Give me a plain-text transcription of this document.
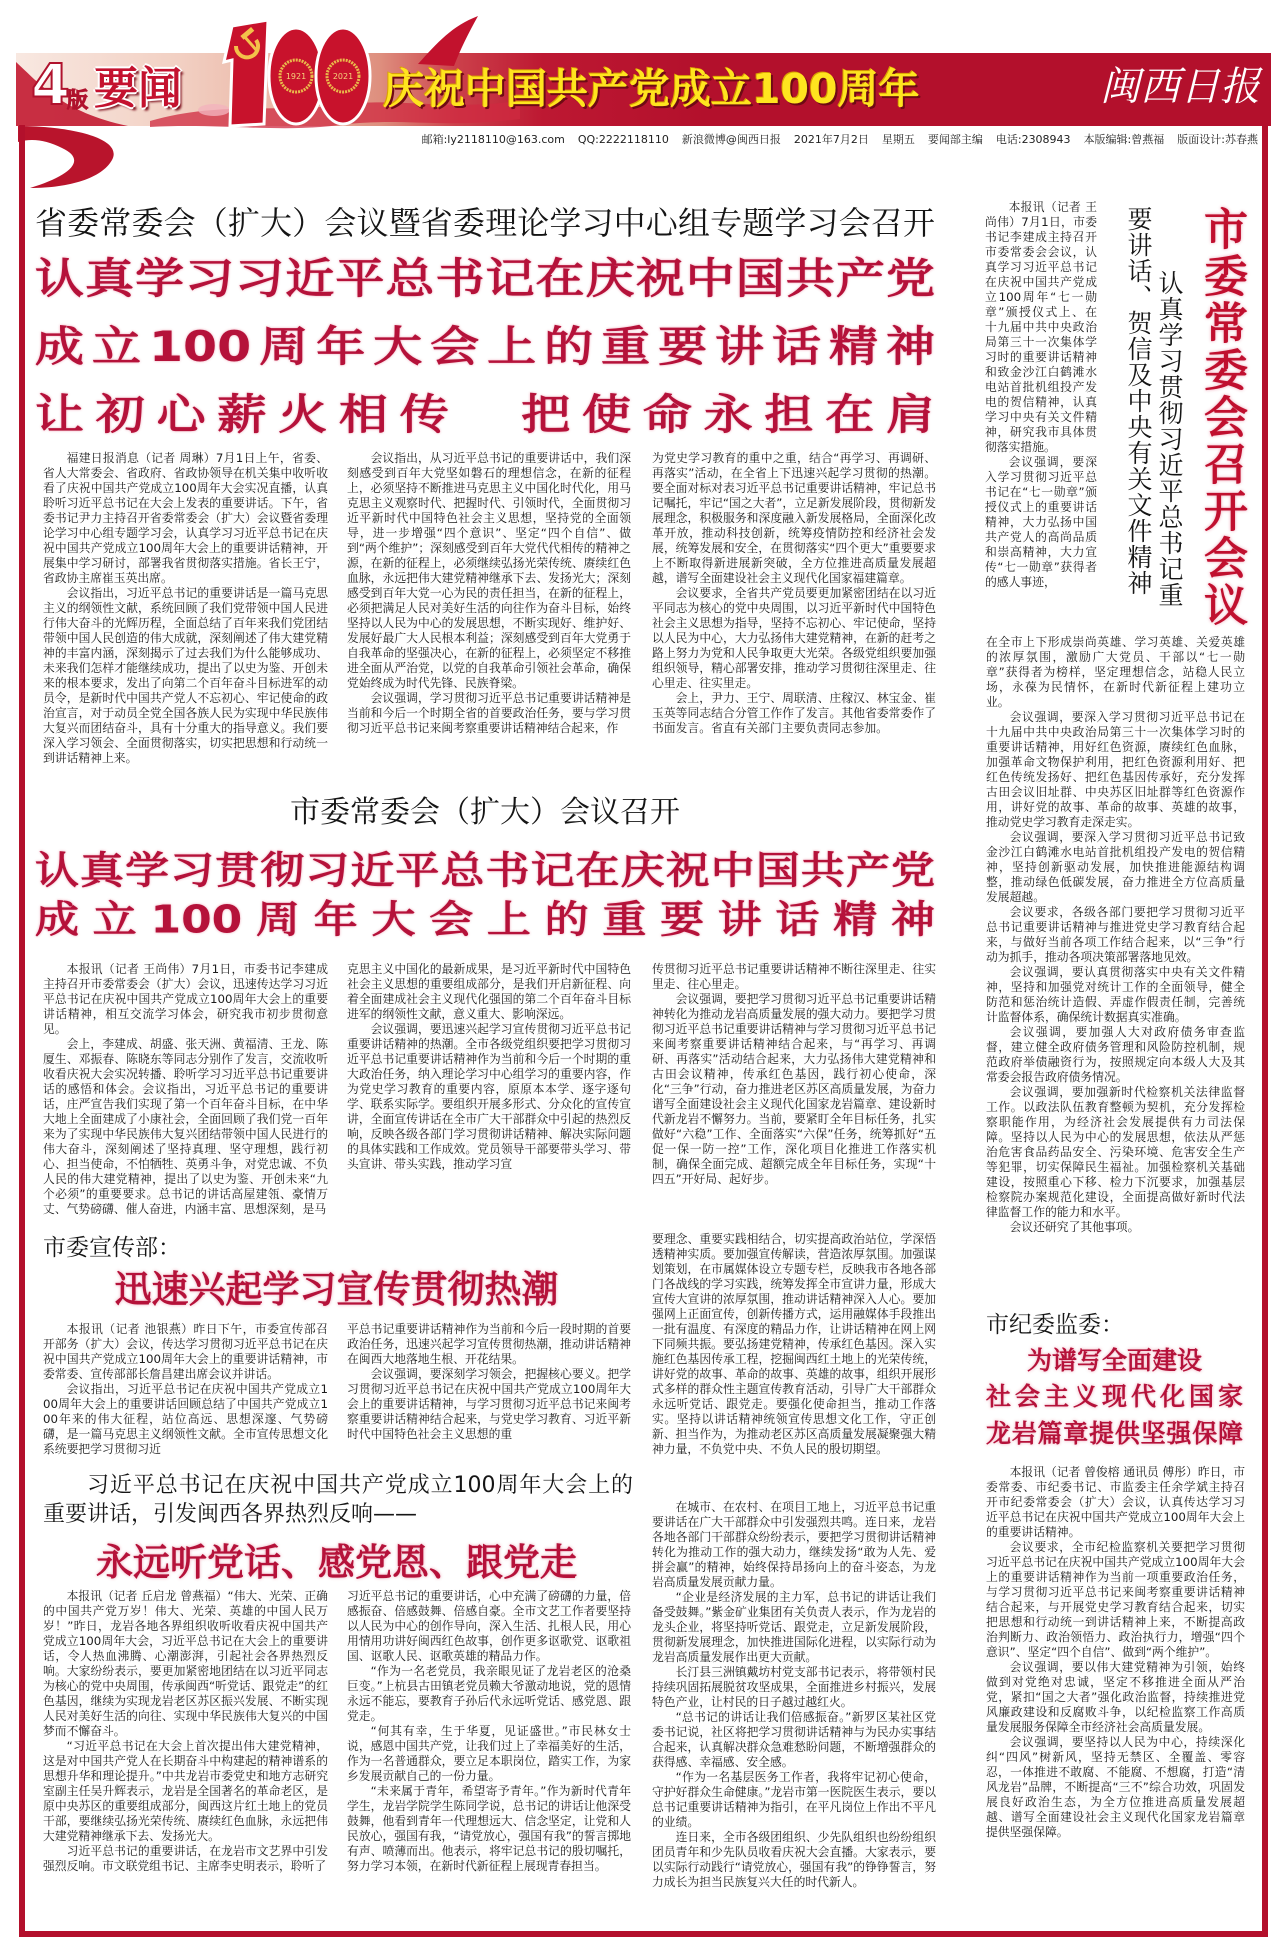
4
版 要闻	1921	2021 庆祝中国共产党成立100周年	闽西日报
邮箱:ly2118110@163.com QQ:2222118110 新浪微博@闽西日报 2021年7月2日 星期五 要闻部主编 电话:2308943 本版编辑:曾燕福 版面设计:苏春燕
省委常委会（扩大）会议暨省委理论学习中心组专题学习会召开
认真学习习近平总书记在庆祝中国共产党
成立100周年大会上的重要讲话精神
让初心薪火相传　把使命永担在肩

福建日报消息（记者 周琳）7月1日上午，省委、省人大常委会、省政府、省政协领导在机关集中收听收看了庆祝中国共产党成立100周年大会实况直播，认真聆听习近平总书记在大会上发表的重要讲话。下午，省委书记尹力主持召开省委常委会（扩大）会议暨省委理论学习中心组专题学习会，认真学习习近平总书记在庆祝中国共产党成立100周年大会上的重要讲话精神，开展集中学习研讨，部署我省贯彻落实措施。省长王宁，省政协主席崔玉英出席。

会议指出，习近平总书记的重要讲话是一篇马克思主义的纲领性文献，系统回顾了我们党带领中国人民进行伟大奋斗的光辉历程，全面总结了百年来我们党团结带领中国人民创造的伟大成就，深刻阐述了伟大建党精神的丰富内涵，深刻揭示了过去我们为什么能够成功、未来我们怎样才能继续成功，提出了以史为鉴、开创未来的根本要求，发出了向第二个百年奋斗目标进军的动员令，是新时代中国共产党人不忘初心、牢记使命的政治宣言，对于动员全党全国各族人民为实现中华民族伟大复兴而团结奋斗，具有十分重大的指导意义。我们要深入学习领会、全面贯彻落实，切实把思想和行动统一到讲话精神上来。

会议指出，从习近平总书记的重要讲话中，我们深刻感受到百年大党坚如磐石的理想信念，在新的征程上，必须坚持不断推进马克思主义中国化时代化，用马克思主义观察时代、把握时代、引领时代，全面贯彻习近平新时代中国特色社会主义思想，坚持党的全面领导，进一步增强“四个意识”、坚定“四个自信”、做到“两个维护”；深刻感受到百年大党代代相传的精神之源，在新的征程上，必须继续弘扬光荣传统、赓续红色血脉，永远把伟大建党精神继承下去、发扬光大；深刻感受到百年大党一心为民的责任担当，在新的征程上，必须把满足人民对美好生活的向往作为奋斗目标，始终坚持以人民为中心的发展思想，不断实现好、维护好、发展好最广大人民根本利益；深刻感受到百年大党勇于自我革命的坚强决心，在新的征程上，必须坚定不移推进全面从严治党，以党的自我革命引领社会革命，确保党始终成为时代先锋、民族脊梁。

会议强调，学习贯彻习近平总书记重要讲话精神是当前和今后一个时期全省的首要政治任务，要与学习贯彻习近平总书记来闽考察重要讲话精神结合起来，作

为党史学习教育的重中之重，结合“再学习、再调研、再落实”活动，在全省上下迅速兴起学习贯彻的热潮。要全面对标对表习近平总书记重要讲话精神，牢记总书记嘱托，牢记“国之大者”，立足新发展阶段，贯彻新发展理念，积极服务和深度融入新发展格局，全面深化改革开放，推动科技创新，统筹疫情防控和经济社会发展，统筹发展和安全，在贯彻落实“四个更大”重要要求上不断取得新进展新突破，全方位推进高质量发展超越，谱写全面建设社会主义现代化国家福建篇章。

会议要求，全省共产党员要更加紧密团结在以习近平同志为核心的党中央周围，以习近平新时代中国特色社会主义思想为指导，坚持不忘初心、牢记使命，坚持以人民为中心，大力弘扬伟大建党精神，在新的赶考之路上努力为党和人民争取更大光荣。各级党组织要加强组织领导，精心部署安排，推动学习贯彻往深里走、往心里走、往实里走。

会上，尹力、王宁、周联清、庄稼汉、林宝金、崔玉英等同志结合分管工作作了发言。其他省委常委作了书面发言。省直有关部门主要负责同志参加。

市委常委会召开会议
认真学习贯彻习近平总书记重
要讲话、贺信及中央有关文件精神

本报讯（记者 王尚伟）7月1日，市委书记李建成主持召开市委常委会会议，认真学习习近平总书记在庆祝中国共产党成立100周年“七一勋章”颁授仪式上、在十九届中共中央政治局第三十一次集体学习时的重要讲话精神和致金沙江白鹤滩水电站首批机组投产发电的贺信精神，认真学习中央有关文件精神，研究我市具体贯彻落实措施。

会议强调，要深入学习贯彻习近平总书记在“七一勋章”颁授仪式上的重要讲话精神，大力弘扬中国共产党人的高尚品质和崇高精神，大力宣传“七一勋章”获得者的感人事迹，

在全市上下形成崇尚英雄、学习英雄、关爱英雄的浓厚氛围，激励广大党员、干部以“七一勋章”获得者为榜样，坚定理想信念，站稳人民立场，永葆为民情怀，在新时代新征程上建功立业。

会议强调，要深入学习贯彻习近平总书记在十九届中共中央政治局第三十一次集体学习时的重要讲话精神，用好红色资源，赓续红色血脉，加强革命文物保护利用，把红色资源利用好、把红色传统发扬好、把红色基因传承好，充分发挥古田会议旧址群、中央苏区旧址群等红色资源作用，讲好党的故事、革命的故事、英雄的故事，推动党史学习教育走深走实。

会议强调，要深入学习贯彻习近平总书记致金沙江白鹤滩水电站首批机组投产发电的贺信精神，坚持创新驱动发展，加快推进能源结构调整，推动绿色低碳发展，奋力推进全方位高质量发展超越。

会议要求，各级各部门要把学习贯彻习近平总书记重要讲话精神与推进党史学习教育结合起来，与做好当前各项工作结合起来，以“三争”行动为抓手，推动各项决策部署落地见效。

会议强调，要认真贯彻落实中央有关文件精神，坚持和加强党对统计工作的全面领导，健全防范和惩治统计造假、弄虚作假责任制，完善统计监督体系，确保统计数据真实准确。

会议强调，要加强人大对政府债务审查监督，建立健全政府债务管理和风险防控机制，规范政府举债融资行为，按照规定向本级人大及其常委会报告政府债务情况。

会议强调，要加强新时代检察机关法律监督工作。以政法队伍教育整顿为契机，充分发挥检察职能作用，为经济社会发展提供有力司法保障。坚持以人民为中心的发展思想，依法从严惩治危害食品药品安全、污染环境、危害安全生产等犯罪，切实保障民生福祉。加强检察机关基础建设，按照重心下移、检力下沉要求，加强基层检察院办案规范化建设，全面提高做好新时代法律监督工作的能力和水平。

会议还研究了其他事项。

市委常委会（扩大）会议召开
认真学习贯彻习近平总书记在庆祝中国共产党
成立100周年大会上的重要讲话精神

本报讯（记者 王尚伟）7月1日，市委书记李建成主持召开市委常委会（扩大）会议，迅速传达学习习近平总书记在庆祝中国共产党成立100周年大会上的重要讲话精神，相互交流学习体会，研究我市初步贯彻意见。

会上，李建成、胡盛、张天洲、黄福清、王龙、陈厦生、邓振春、陈晓东等同志分别作了发言，交流收听收看庆祝大会实况转播、聆听学习习近平总书记重要讲话的感悟和体会。会议指出，习近平总书记的重要讲话，庄严宣告我们实现了第一个百年奋斗目标，在中华大地上全面建成了小康社会，全面回顾了我们党一百年来为了实现中华民族伟大复兴团结带领中国人民进行的伟大奋斗，深刻阐述了坚持真理、坚守理想，践行初心、担当使命，不怕牺牲、英勇斗争，对党忠诚、不负人民的伟大建党精神，提出了以史为鉴、开创未来“九个必须”的重要要求。总书记的讲话高屋建瓴、豪情万丈、气势磅礴、催人奋进，内涵丰富、思想深刻，是马

克思主义中国化的最新成果，是习近平新时代中国特色社会主义思想的重要组成部分，是我们开启新征程、向着全面建成社会主义现代化强国的第二个百年奋斗目标进军的纲领性文献，意义重大、影响深远。

会议强调，要迅速兴起学习宣传贯彻习近平总书记重要讲话精神的热潮。全市各级党组织要把学习贯彻习近平总书记重要讲话精神作为当前和今后一个时期的重大政治任务，纳入理论学习中心组学习的重要内容，作为党史学习教育的重要内容，原原本本学、逐字逐句学、联系实际学。要组织开展多形式、分众化的宣传宣讲，全面宣传讲话在全市广大干部群众中引起的热烈反响，反映各级各部门学习贯彻讲话精神、解决实际问题的具体实践和工作成效。党员领导干部要带头学习、带头宣讲、带头实践，推动学习宣

传贯彻习近平总书记重要讲话精神不断往深里走、往实里走、往心里走。

会议强调，要把学习贯彻习近平总书记重要讲话精神转化为推动龙岩高质量发展的强大动力。要把学习贯彻习近平总书记重要讲话精神与学习贯彻习近平总书记来闽考察重要讲话精神结合起来，与“再学习、再调研、再落实”活动结合起来，大力弘扬伟大建党精神和古田会议精神，传承红色基因，践行初心使命，深化“三争”行动，奋力推进老区苏区高质量发展，为奋力谱写全面建设社会主义现代化国家龙岩篇章、建设新时代新龙岩不懈努力。当前，要紧盯全年目标任务，扎实做好“六稳”工作、全面落实“六保”任务，统筹抓好“五促一保一防一控”工作，深化项目化推进工作落实机制，确保全面完成、超额完成全年目标任务，实现“十四五”开好局、起好步。

市委宣传部：
迅速兴起学习宣传贯彻热潮

本报讯（记者 池银燕）昨日下午，市委宣传部召开部务（扩大）会议，传达学习贯彻习近平总书记在庆祝中国共产党成立100周年大会上的重要讲话精神，市委常委、宣传部部长詹昌建出席会议并讲话。

会议指出，习近平总书记在庆祝中国共产党成立100周年大会上的重要讲话回顾总结了中国共产党成立100年来的伟大征程，站位高远、思想深邃、气势磅礴，是一篇马克思主义纲领性文献。全市宣传思想文化系统要把学习贯彻习近

平总书记重要讲话精神作为当前和今后一段时期的首要政治任务，迅速兴起学习宣传贯彻热潮，推动讲话精神在闽西大地落地生根、开花结果。

会议强调，要深刻学习领会，把握核心要义。把学习贯彻习近平总书记在庆祝中国共产党成立100周年大会上的重要讲话精神，与学习贯彻习近平总书记来闽考察重要讲话精神结合起来，与党史学习教育、习近平新时代中国特色社会主义思想的重

要理念、重要实践相结合，切实提高政治站位，学深悟透精神实质。要加强宣传解读，营造浓厚氛围。加强谋划策划，在市属媒体设立专题专栏，反映我市各地各部门各战线的学习实践，统筹发挥全市宣讲力量，形成大宣传大宣讲的浓厚氛围，推动讲话精神深入人心。要加强网上正面宣传，创新传播方式，运用融媒体手段推出一批有温度、有深度的精品力作，让讲话精神在网上网下同频共振。要弘扬建党精神，传承红色基因。深入实施红色基因传承工程，挖掘闽西红土地上的光荣传统，讲好党的故事、革命的故事、英雄的故事，组织开展形式多样的群众性主题宣传教育活动，引导广大干部群众永远听党话、跟党走。要强化使命担当，推动工作落实。坚持以讲话精神统领宣传思想文化工作，守正创新、担当作为，为推动老区苏区高质量发展凝聚强大精神力量，不负党中央、不负人民的殷切期望。

习近平总书记在庆祝中国共产党成立100周年大会上的重要讲话，引发闽西各界热烈反响——
永远听党话、感党恩、跟党走

本报讯（记者 丘启龙 曾燕福）“伟大、光荣、正确的中国共产党万岁！伟大、光荣、英雄的中国人民万岁！”昨日，龙岩各地各界组织收听收看庆祝中国共产党成立100周年大会，习近平总书记在大会上的重要讲话，令人热血沸腾、心潮澎湃，引起社会各界热烈反响。大家纷纷表示，要更加紧密地团结在以习近平同志为核心的党中央周围，传承闽西“听党话、跟党走”的红色基因，继续为实现龙岩老区苏区振兴发展、不断实现人民对美好生活的向往、实现中华民族伟大复兴的中国梦而不懈奋斗。

“习近平总书记在大会上首次提出伟大建党精神，这是对中国共产党人在长期奋斗中构建起的精神谱系的思想升华和理论提升。”中共龙岩市委党史和地方志研究室副主任吴升辉表示，龙岩是全国著名的革命老区，是原中央苏区的重要组成部分，闽西这片红土地上的党员干部，要继续弘扬光荣传统、赓续红色血脉，永远把伟大建党精神继承下去、发扬光大。

习近平总书记的重要讲话，在龙岩市文艺界中引发强烈反响。市文联党组书记、主席李史明表示，聆听了

习近平总书记的重要讲话，心中充满了磅礴的力量，倍感振奋、倍感鼓舞、倍感自豪。全市文艺工作者要坚持以人民为中心的创作导向，深入生活、扎根人民，用心用情用功讲好闽西红色故事，创作更多讴歌党、讴歌祖国、讴歌人民、讴歌英雄的精品力作。

“作为一名老党员，我亲眼见证了龙岩老区的沧桑巨变。”上杭县古田镇老党员赖大爷激动地说，党的恩情永远不能忘，要教育子孙后代永远听党话、感党恩、跟党走。

“何其有幸，生于华夏，见证盛世。”市民林女士说，感恩中国共产党，让我们过上了幸福美好的生活，作为一名普通群众，要立足本职岗位，踏实工作，为家乡发展贡献自己的一份力量。

“未来属于青年，希望寄予青年。”作为新时代青年学生，龙岩学院学生陈同学说，总书记的讲话让他深受鼓舞，他看到青年一代理想远大、信念坚定，让党和人民放心，强国有我，“请党放心，强国有我”的誓言掷地有声、喷薄而出。他表示，将牢记总书记的殷切嘱托，努力学习本领，在新时代新征程上展现青春担当。

在城市、在农村、在项目工地上，习近平总书记重要讲话在广大干部群众中引发强烈共鸣。连日来，龙岩各地各部门干部群众纷纷表示，要把学习贯彻讲话精神转化为推动工作的强大动力，继续发扬“敢为人先、爱拼会赢”的精神，始终保持昂扬向上的奋斗姿态，为龙岩高质量发展贡献力量。

“企业是经济发展的主力军，总书记的讲话让我们备受鼓舞。”紫金矿业集团有关负责人表示，作为龙岩的龙头企业，将坚持听党话、跟党走，立足新发展阶段，贯彻新发展理念，加快推进国际化进程，以实际行动为龙岩高质量发展作出更大贡献。

长汀县三洲镇戴坊村党支部书记表示，将带领村民持续巩固拓展脱贫攻坚成果，全面推进乡村振兴，发展特色产业，让村民的日子越过越红火。

“总书记的讲话让我们倍感振奋。”新罗区某社区党委书记说，社区将把学习贯彻讲话精神与为民办实事结合起来，认真解决群众急难愁盼问题，不断增强群众的获得感、幸福感、安全感。

“作为一名基层医务工作者，我将牢记初心使命，守护好群众生命健康。”龙岩市第一医院医生表示，要以总书记重要讲话精神为指引，在平凡岗位上作出不平凡的业绩。

连日来，全市各级团组织、少先队组织也纷纷组织团员青年和少先队员收看庆祝大会直播。大家表示，要以实际行动践行“请党放心，强国有我”的铮铮誓言，努力成长为担当民族复兴大任的时代新人。

市纪委监委：
为谱写全面建设
社会主义现代化国家
龙岩篇章提供坚强保障

本报讯（记者 曾俊榕 通讯员 傅彤）昨日，市委常委、市纪委书记、市监委主任余学斌主持召开市纪委常委会（扩大）会议，认真传达学习习近平总书记在庆祝中国共产党成立100周年大会上的重要讲话精神。

会议要求，全市纪检监察机关要把学习贯彻习近平总书记在庆祝中国共产党成立100周年大会上的重要讲话精神作为当前一项重要政治任务，与学习贯彻习近平总书记来闽考察重要讲话精神结合起来，与开展党史学习教育结合起来，切实把思想和行动统一到讲话精神上来，不断提高政治判断力、政治领悟力、政治执行力，增强“四个意识”、坚定“四个自信”、做到“两个维护”。

会议强调，要以伟大建党精神为引领，始终做到对党绝对忠诚，坚定不移推进全面从严治党，紧扣“国之大者”强化政治监督，持续推进党风廉政建设和反腐败斗争，以纪检监察工作高质量发展服务保障全市经济社会高质量发展。

会议强调，要坚持以人民为中心，持续深化纠“四风”树新风，坚持无禁区、全覆盖、零容忍，一体推进不敢腐、不能腐、不想腐，打造“清风龙岩”品牌，不断提高“三不”综合功效，巩固发展良好政治生态，为全方位推进高质量发展超越、谱写全面建设社会主义现代化国家龙岩篇章提供坚强保障。
